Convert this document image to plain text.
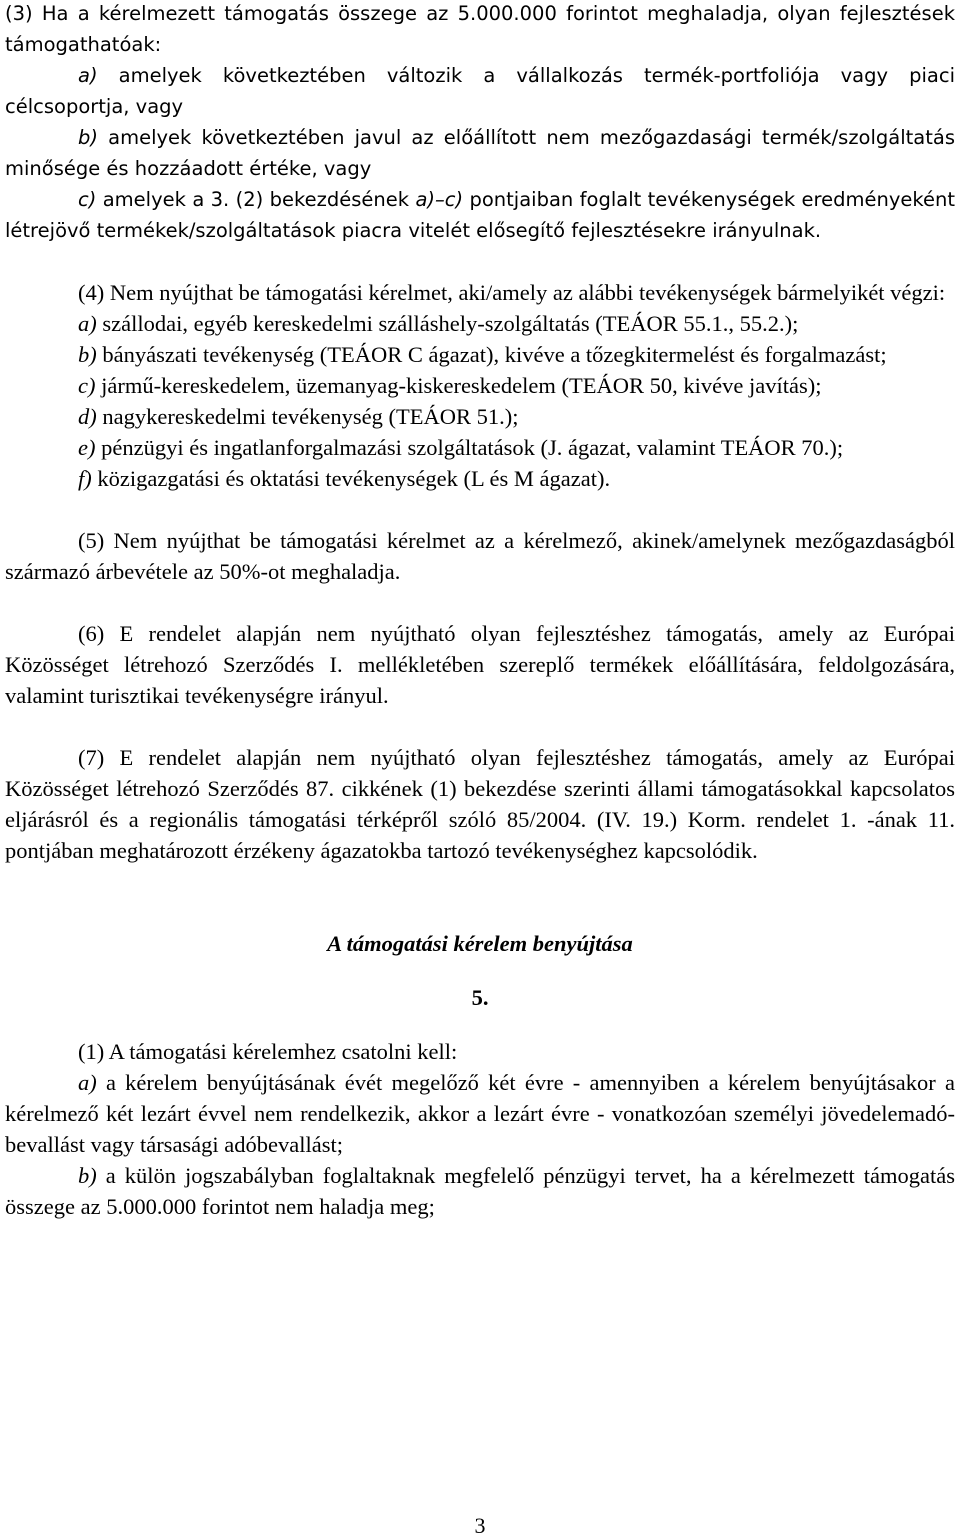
(3) Ha a kérelmezett támogatás összege az 5.000.000 forintot meghaladja, olyan fejlesztések támogathatóak:

a) amelyek következtében változik a vállalkozás termék-portfoliója vagy piaci célcsoportja, vagy

b) amelyek következtében javul az előállított nem mezőgazdasági termék/szolgáltatás minősége és hozzáadott értéke, vagy

c) amelyek a 3. (2) bekezdésének a)–c) pontjaiban foglalt tevékenységek eredményeként létrejövő termékek/szolgáltatások piacra vitelét elősegítő fejlesztésekre irányulnak.

(4) Nem nyújthat be támogatási kérelmet, aki/amely az alábbi tevékenységek bármelyikét végzi:

a) szállodai, egyéb kereskedelmi szálláshely-szolgáltatás (TEÁOR 55.1., 55.2.);

b) bányászati tevékenység (TEÁOR C ágazat), kivéve a tőzegkitermelést és forgalmazást;

c) jármű-kereskedelem, üzemanyag-kiskereskedelem (TEÁOR 50, kivéve javítás);

d) nagykereskedelmi tevékenység (TEÁOR 51.);

e) pénzügyi és ingatlanforgalmazási szolgáltatások (J. ágazat, valamint TEÁOR 70.);

f) közigazgatási és oktatási tevékenységek (L és M ágazat).

(5) Nem nyújthat be támogatási kérelmet az a kérelmező, akinek/amelynek mezőgazdaságból származó árbevétele az 50%-ot meghaladja.

(6) E rendelet alapján nem nyújtható olyan fejlesztéshez támogatás, amely az Európai Közösséget létrehozó Szerződés I. mellékletében szereplő termékek előállítására, feldolgozására, valamint turisztikai tevékenységre irányul.

(7) E rendelet alapján nem nyújtható olyan fejlesztéshez támogatás, amely az Európai Közösséget létrehozó Szerződés 87. cikkének (1) bekezdése szerinti állami támogatásokkal kapcsolatos eljárásról és a regionális támogatási térképről szóló 85/2004. (IV. 19.) Korm. rendelet 1. -ának 11. pontjában meghatározott érzékeny ágazatokba tartozó tevékenységhez kapcsolódik.

A támogatási kérelem benyújtása

5.

(1) A támogatási kérelemhez csatolni kell:

a) a kérelem benyújtásának évét megelőző két évre - amennyiben a kérelem benyújtásakor a kérelmező két lezárt évvel nem rendelkezik, akkor a lezárt évre - vonatkozóan személyi jövedelemadó-bevallást vagy társasági adóbevallást;

b) a külön jogszabályban foglaltaknak megfelelő pénzügyi tervet, ha a kérelmezett támogatás összege az 5.000.000 forintot nem haladja meg;

3
